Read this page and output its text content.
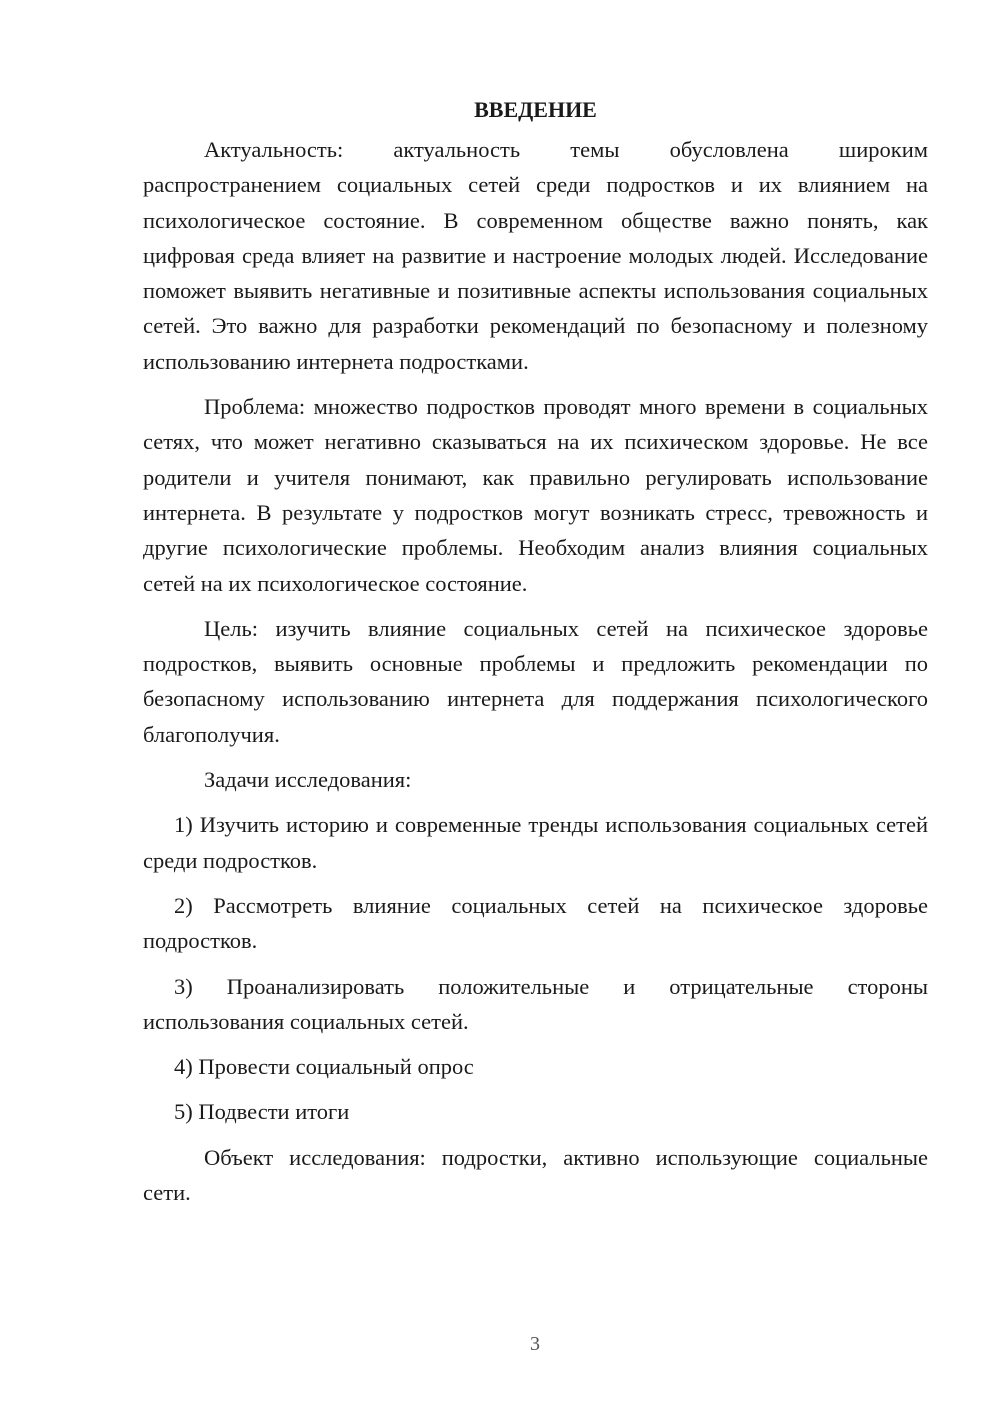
ВВЕДЕНИЕ

Актуальность: актуальность темы обусловлена широким распространением социальных сетей среди подростков и их влиянием на психологическое состояние. В современном обществе важно понять, как цифровая среда влияет на развитие и настроение молодых людей. Исследование поможет выявить негативные и позитивные аспекты использования социальных сетей. Это важно для разработки рекомендаций по безопасному и полезному использованию интернета подростками.

Проблема: множество подростков проводят много времени в социальных сетях, что может негативно сказываться на их психическом здоровье. Не все родители и учителя понимают, как правильно регулировать использование интернета. В результате у подростков могут возникать стресс, тревожность и другие психологические проблемы. Необходим анализ влияния социальных сетей на их психологическое состояние.

Цель: изучить влияние социальных сетей на психическое здоровье подростков, выявить основные проблемы и предложить рекомендации по безопасному использованию интернета для поддержания психологического благополучия.

Задачи исследования:

1) Изучить историю и современные тренды использования социальных сетей среди подростков.

2) Рассмотреть влияние социальных сетей на психическое здоровье подростков.

3) Проанализировать положительные и отрицательные стороны использования социальных сетей.

4) Провести социальный опрос

5) Подвести итоги

Объект исследования: подростки, активно использующие социальные сети.

3
